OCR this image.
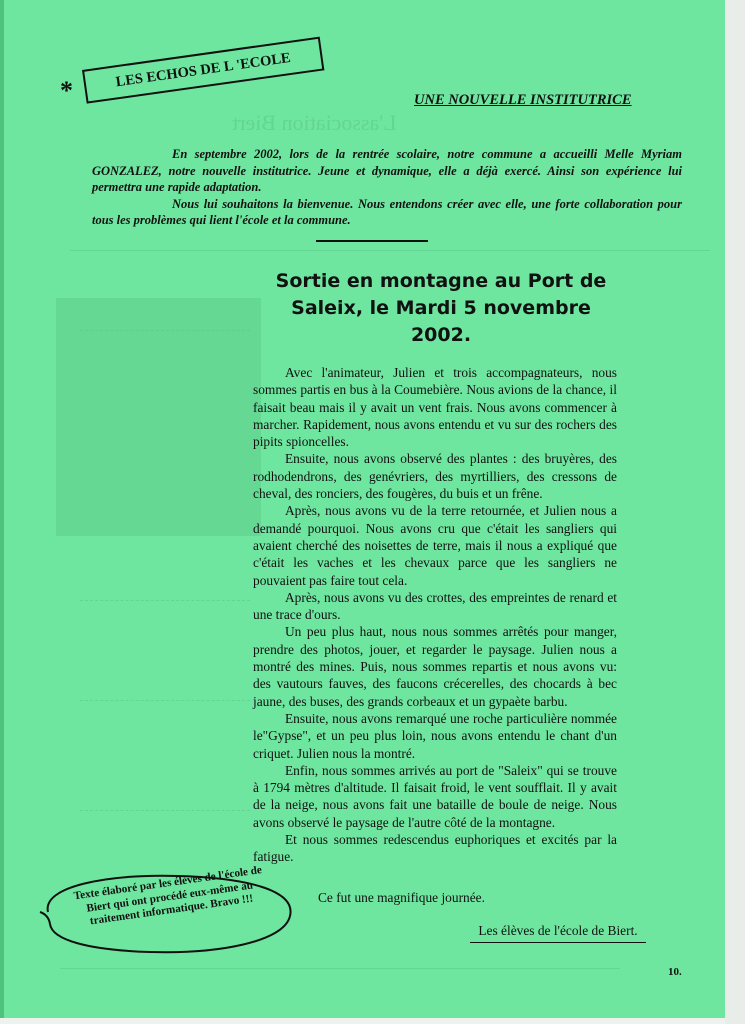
L'association Biert
*
LES ECHOS DE L 'ECOLE
UNE NOUVELLE INSTITUTRICE

En septembre 2002, lors de la rentrée scolaire, notre commune a accueilli Melle Myriam GONZALEZ, notre nouvelle institutrice. Jeune et dynamique, elle a déjà exercé. Ainsi son expérience lui permettra une rapide adaptation.

Nous lui souhaitons la bienvenue. Nous entendons créer avec elle, une forte collaboration pour tous les problèmes qui lient l'école et la commune.

Sortie en montagne au Port de Saleix, le Mardi 5 novembre 2002.

Avec l'animateur, Julien et trois accompagnateurs, nous sommes partis en bus à la Coumebière. Nous avions de la chance, il faisait beau mais il y avait un vent frais. Nous avons commencer à marcher. Rapidement, nous avons entendu et vu sur des rochers des pipits spioncelles.

Ensuite, nous avons observé des plantes : des bruyères, des rodhodendrons, des genévriers, des myrtilliers, des cressons de cheval, des ronciers, des fougères, du buis et un frêne.

Après, nous avons vu de la terre retournée, et Julien nous a demandé pourquoi. Nous avons cru que c'était les sangliers qui avaient cherché des noisettes de terre, mais il nous a expliqué que c'était les vaches et les chevaux parce que les sangliers ne pouvaient pas faire tout cela.

Après, nous avons vu des crottes, des empreintes de renard et une trace d'ours.

Un peu plus haut, nous nous sommes arrêtés pour manger, prendre des photos, jouer, et regarder le paysage. Julien nous a montré des mines. Puis, nous sommes repartis et nous avons vu: des vautours fauves, des faucons crécerelles, des chocards à bec jaune, des buses, des grands corbeaux et un gypaète barbu.

Ensuite, nous avons remarqué une roche particulière nommée le"Gypse", et un peu plus loin, nous avons entendu le chant d'un criquet. Julien nous la montré.

Enfin, nous sommes arrivés au port de "Saleix" qui se trouve à 1794 mètres d'altitude. Il faisait froid, le vent soufflait. Il y avait de la neige, nous avons fait une bataille de boule de neige. Nous avons observé le paysage de l'autre côté de la montagne.

Et nous sommes redescendus euphoriques et excités par la fatigue.

Ce fut une magnifique journée.
Les élèves de l'école de Biert.
Texte élaboré par les élèves de l'école de Biert qui ont procédé eux-même au traitement informatique. Bravo !!!
10.
